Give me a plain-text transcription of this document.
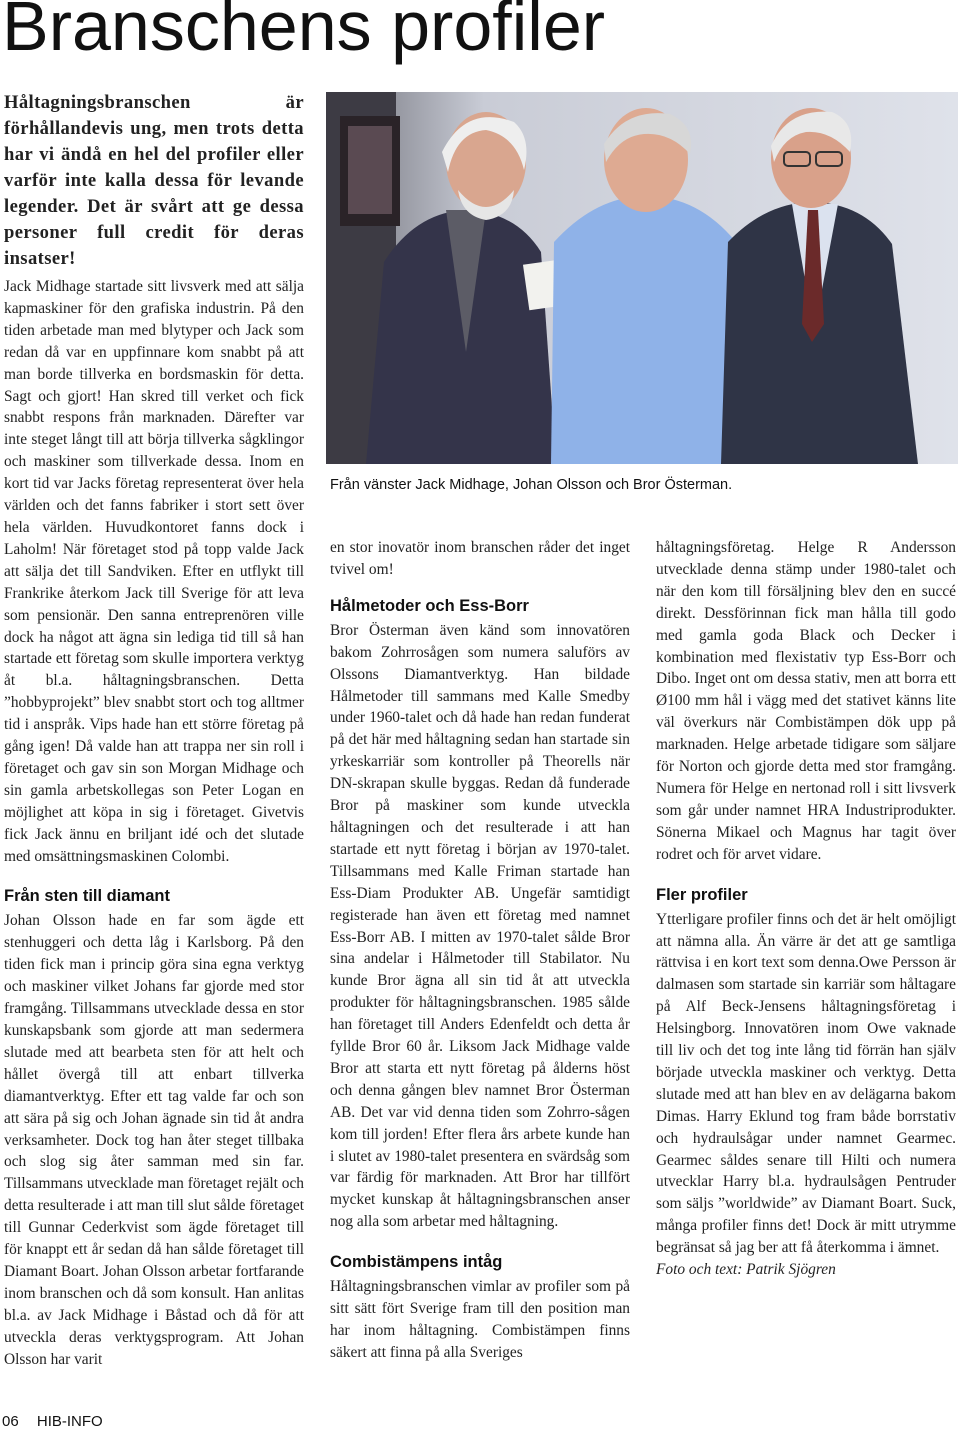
Branschens profiler

Håltagningsbranschen är förhållandevis ung, men trots detta har vi ändå en hel del profiler eller varför inte kalla dessa för levande legender. Det är svårt att ge dessa personer full credit för deras insatser!

Jack Midhage startade sitt livsverk med att sälja kapmaskiner för den grafiska industrin. På den tiden arbetade man med blytyper och Jack som redan då var en uppfinnare kom snabbt på att man borde tillverka en bordsmaskin för detta. Sagt och gjort! Han skred till verket och fick snabbt respons från marknaden. Därefter var inte steget långt till att börja tillverka sågklingor och maskiner som tillverkade dessa. Inom en kort tid var Jacks företag representerat över hela världen och det fanns fabriker i stort sett över hela världen. Huvudkontoret fanns dock i Laholm! När företaget stod på topp valde Jack att sälja det till Sandviken. Efter en utflykt till Frankrike återkom Jack till Sverige för att leva som pensionär. Den sanna entreprenören ville dock ha något att ägna sin lediga tid till så han startade ett företag som skulle importera verktyg åt bl.a. håltagningsbranschen. Detta ”hobbyprojekt” blev snabbt stort och tog alltmer tid i anspråk. Vips hade han ett större företag på gång igen! Då valde han att trappa ner sin roll i företaget och gav sin son Morgan Midhage och sin gamla arbetskollegas son Peter Logan en möjlighet att köpa in sig i företaget. Givetvis fick Jack ännu en briljant idé och det slutade med omsättningsmaskinen Colombi.

Från sten till diamant

Johan Olsson hade en far som ägde ett stenhuggeri och detta låg i Karlsborg. På den tiden fick man i princip göra sina egna verktyg och maskiner vilket Johans far gjorde med stor framgång. Tillsammans utvecklade dessa en stor kunskapsbank som gjorde att man sedermera slutade med att bearbeta sten för att helt och hållet övergå till att enbart tillverka diamantverktyg. Efter ett tag valde far och son att sära på sig och Johan ägnade sin tid åt andra verksamheter. Dock tog han åter steget tillbaka och slog sig åter samman med sin far. Tillsammans utvecklade man företaget rejält och detta resulterade i att man till slut sålde företaget till Gunnar Cederkvist som ägde företaget till för knappt ett år sedan då han sålde företaget till Diamant Boart. Johan Olsson arbetar fortfarande inom branschen och då som konsult. Han anlitas bl.a. av Jack Midhage i Båstad och då för att utveckla deras verktygsprogram. Att Johan Olsson har varit

Från vänster Jack Midhage, Johan Olsson och Bror Österman.

en stor inovatör inom branschen råder det inget tvivel om!

Hålmetoder och Ess-Borr

Bror Österman även känd som innovatören bakom Zohrrosågen som numera saluförs av Olssons Diamantverktyg. Han bildade Hålmetoder till sammans med Kalle Smedby under 1960-talet och då hade han redan funderat på det här med håltagning sedan han startade sin yrkeskarriär som kontroller på Theorells när DN-skrapan skulle byggas. Redan då funderade Bror på maskiner som kunde utveckla håltagningen och det resulterade i att han startade ett nytt företag i början av 1970-talet. Tillsammans med Kalle Friman startade han Ess-Diam Produkter AB. Ungefär samtidigt registerade han även ett företag med namnet Ess-Borr AB. I mitten av 1970-talet sålde Bror sina andelar i Hålmetoder till Stabilator. Nu kunde Bror ägna all sin tid åt att utveckla produkter för håltagningsbranschen. 1985 sålde han företaget till Anders Edenfeldt och detta år fyllde Bror 60 år. Liksom Jack Midhage valde Bror att starta ett nytt företag på ålderns höst och denna gången blev namnet Bror Österman AB. Det var vid denna tiden som Zohrro-sågen kom till jorden! Efter flera års arbete kunde han i slutet av 1980-talet presentera en svärdsåg som var färdig för marknaden. Att Bror har tillfört mycket kunskap åt håltagningsbranschen anser nog alla som arbetar med håltagning.

Combistämpens intåg

Håltagningsbranschen vimlar av profiler som på sitt sätt fört Sverige fram till den position man har inom håltagning. Combistämpen finns säkert att finna på alla Sveriges

håltagningsföretag. Helge R Andersson utvecklade denna stämp under 1980-talet och när den kom till försäljning blev den en succé direkt. Dessförinnan fick man hålla till godo med gamla goda Black och Decker i kombination med flexistativ typ Ess-Borr och Dibo. Inget ont om dessa stativ, men att borra ett Ø100 mm hål i vägg med det stativet känns lite väl överkurs när Combistämpen dök upp på marknaden. Helge arbetade tidigare som säljare för Norton och gjorde detta med stor framgång. Numera för Helge en nertonad roll i sitt livsverk som går under namnet HRA Industriprodukter. Sönerna Mikael och Magnus har tagit över rodret och för arvet vidare.

Fler profiler

Ytterligare profiler finns och det är helt omöjligt att nämna alla. Än värre är det att ge samtliga rättvisa i en kort text som denna.Owe Persson är dalmasen som startade sin karriär som håltagare på Alf Beck-Jensens håltagningsföretag i Helsingborg. Innovatören inom Owe vaknade till liv och det tog inte lång tid förrän han själv började utveckla maskiner och verktyg. Detta slutade med att han blev en av delägarna bakom Dimas. Harry Eklund tog fram både borrstativ och hydraulsågar under namnet Gearmec. Gearmec såldes senare till Hilti och numera utvecklar Harry bl.a. hydraulsågen Pentruder som säljs ”worldwide” av Diamant Boart. Suck, många profiler finns det! Dock är mitt utrymme begränsat så jag ber att få återkomma i ämnet.

Foto och text: Patrik Sjögren

06 HIB-INFO
